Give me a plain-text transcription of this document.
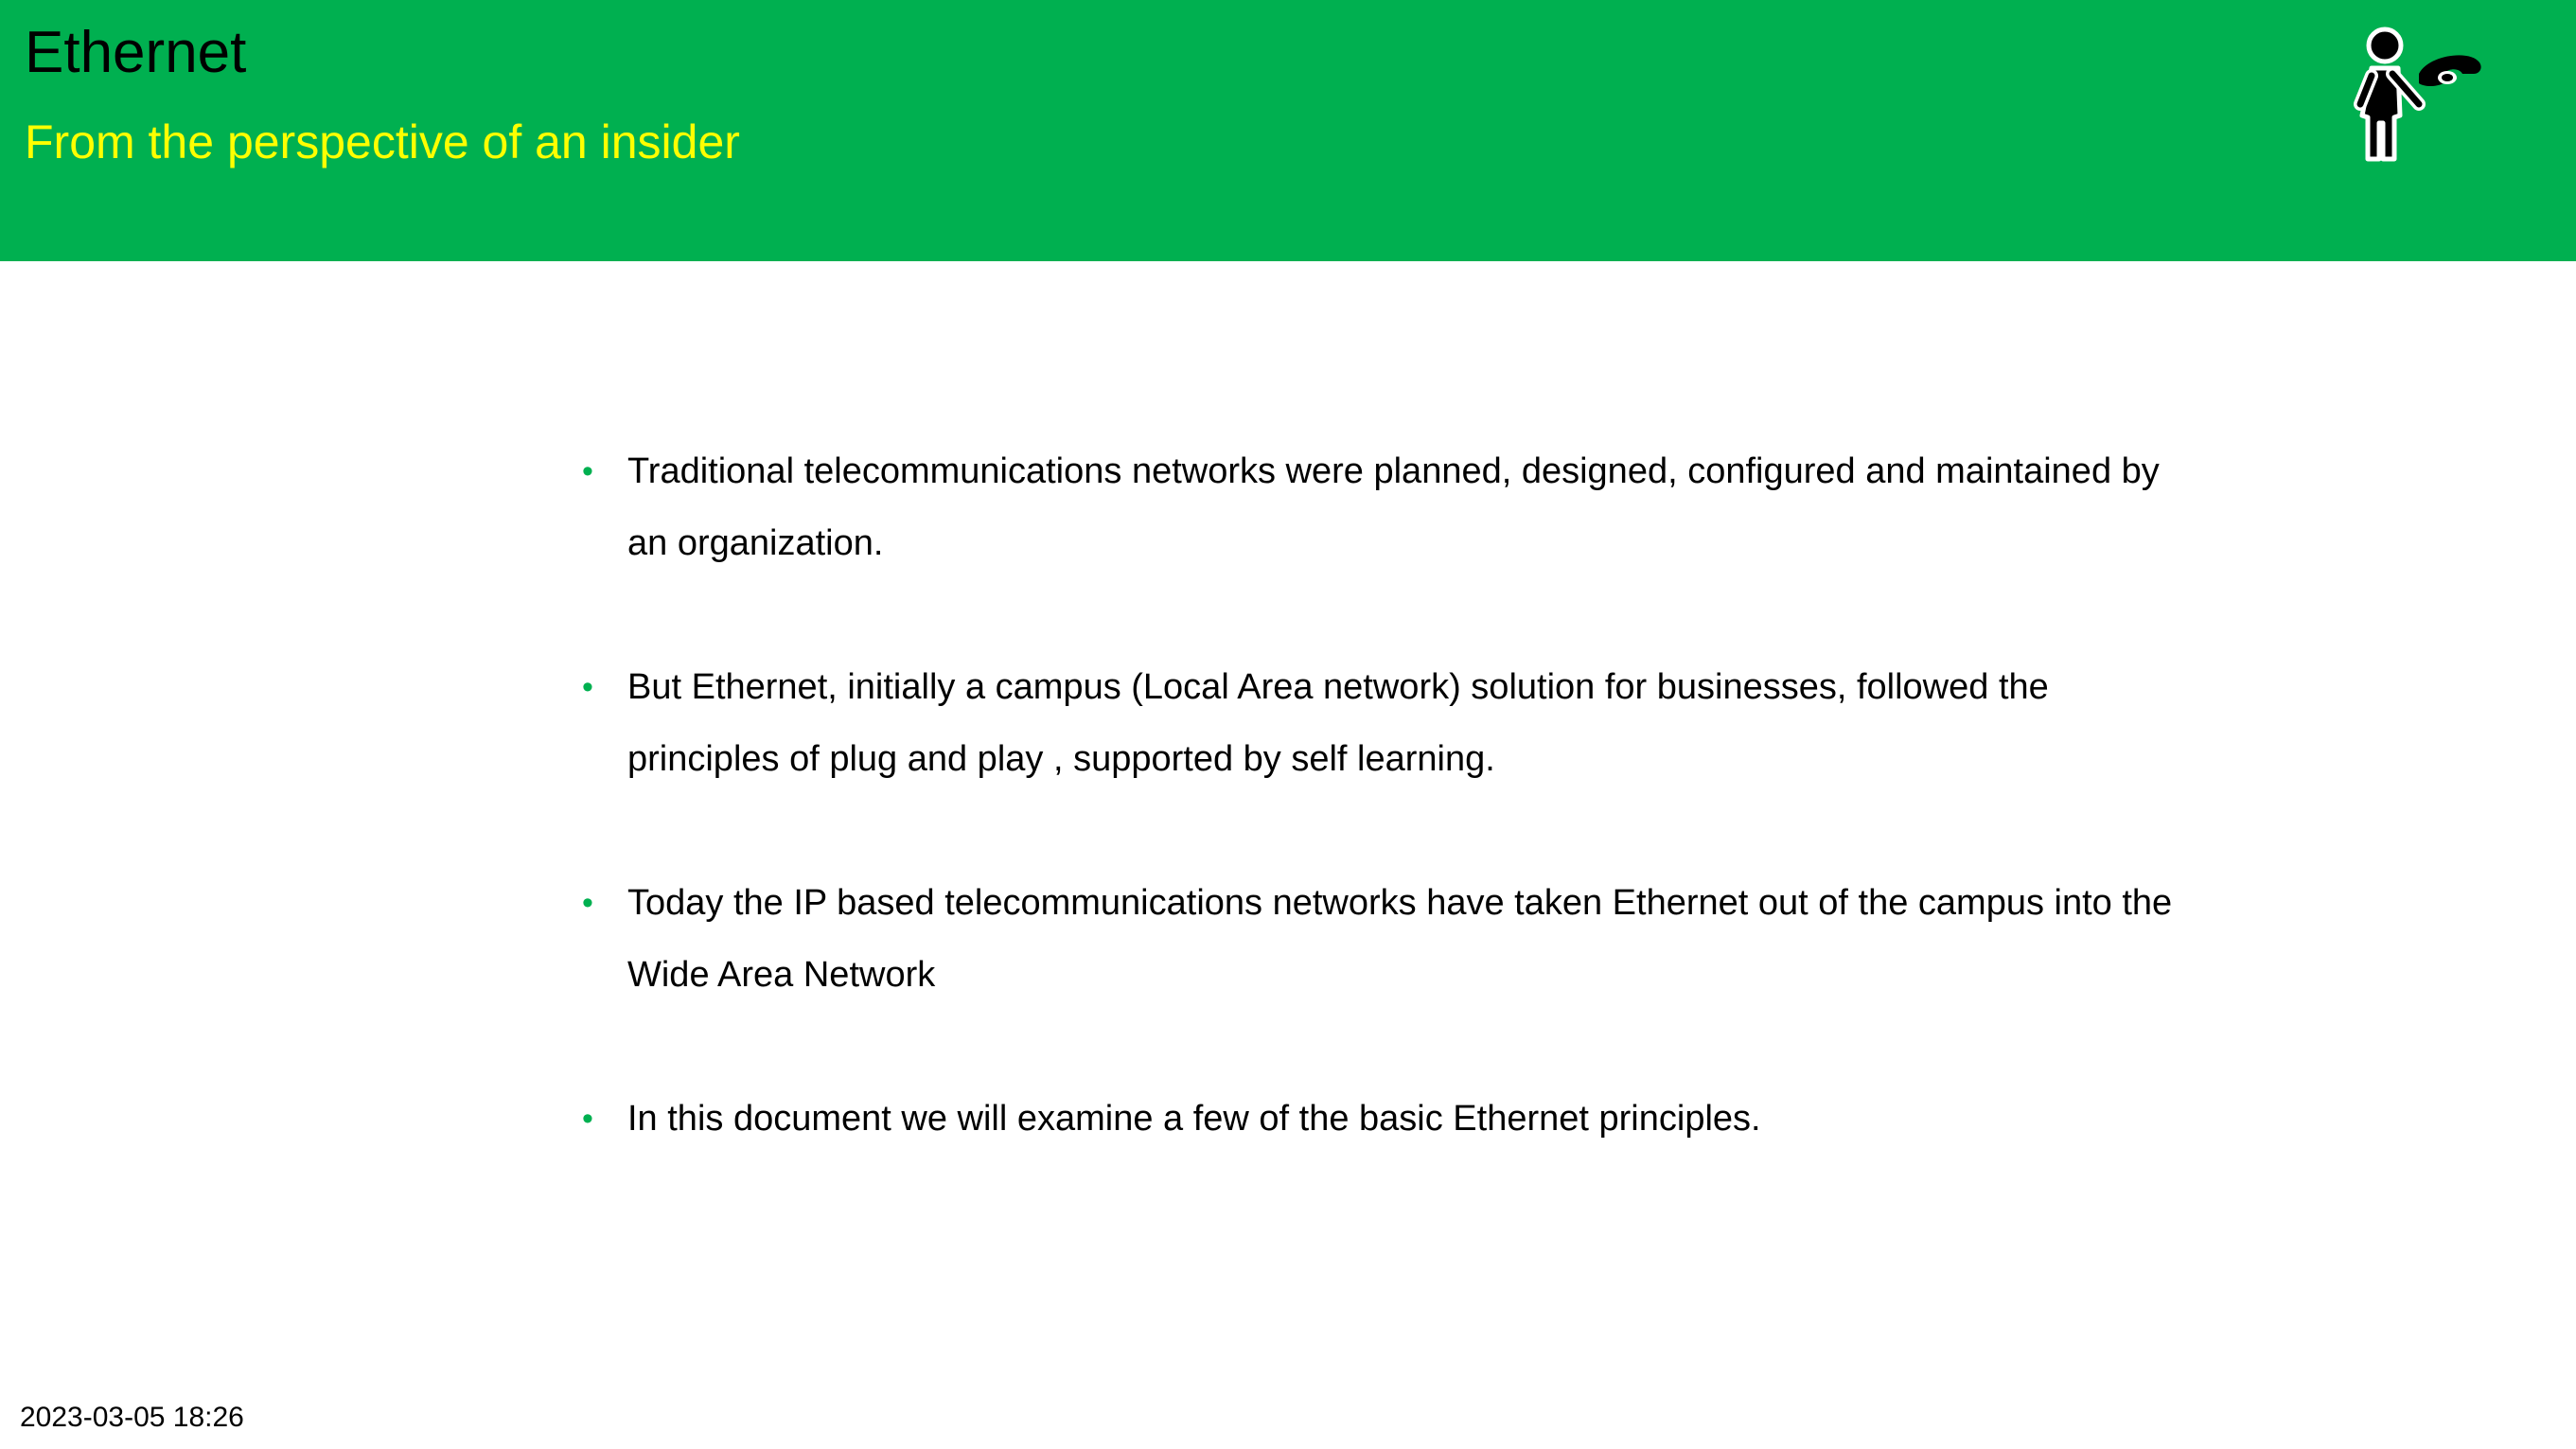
Ethernet
From the perspective of an insider
• Traditional telecommunications networks were planned, designed, configured and maintained by an organization.
• But Ethernet, initially a campus (Local Area network) solution for businesses, followed the principles of plug and play , supported by self learning.
• Today the IP based telecommunications networks have taken Ethernet out of the campus into the Wide Area Network
• In this document we will examine a few of the basic Ethernet principles.
2023-03-05 18:26
